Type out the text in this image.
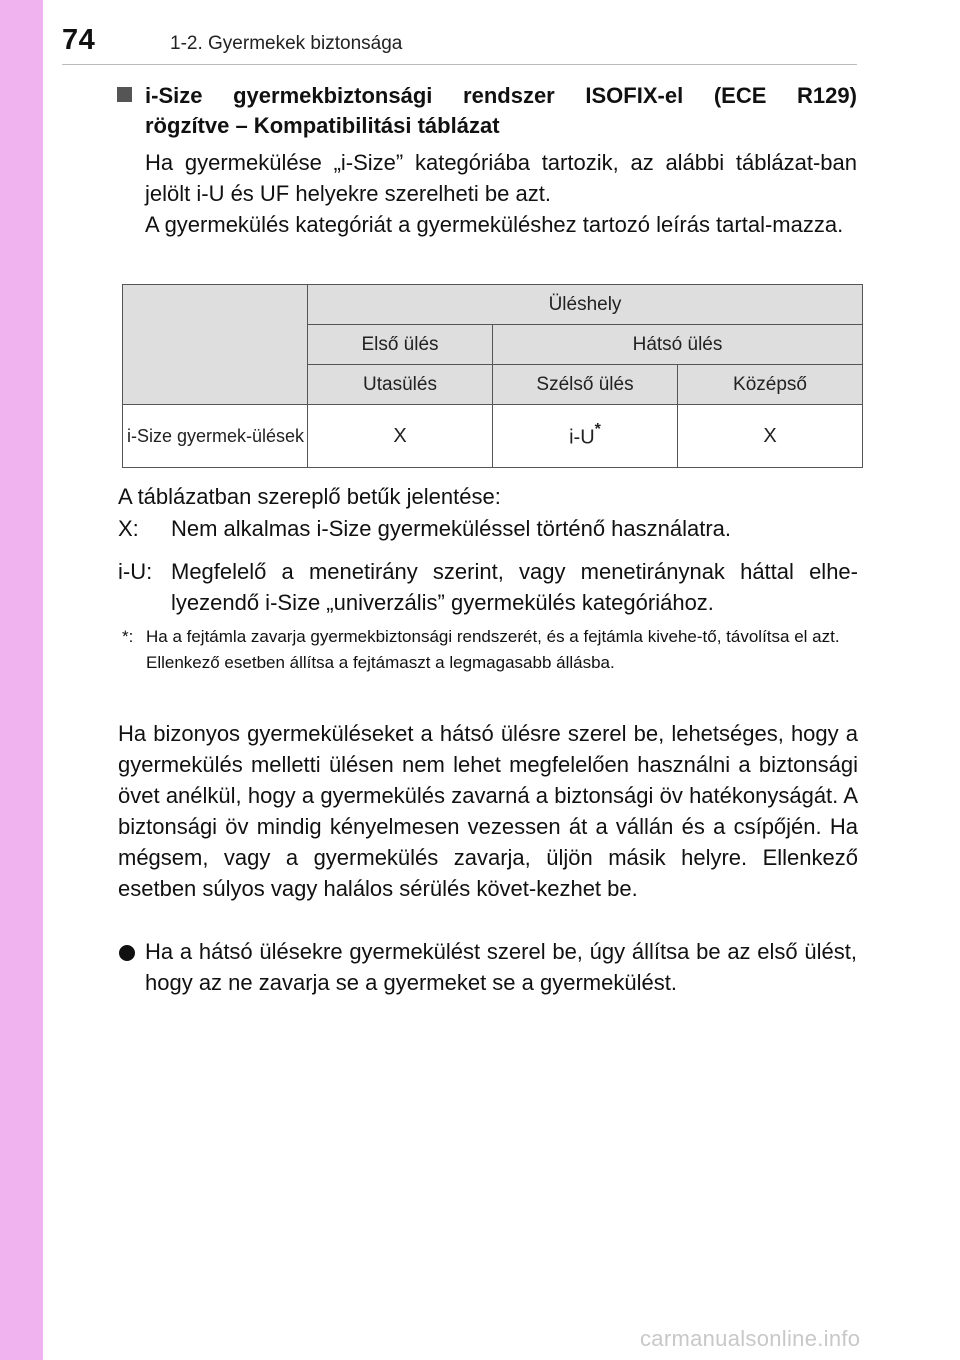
74	1-2. Gyermekek biztonsága
i-Size gyermekbiztonsági rendszer ISOFIX-el (ECE R129)
rögzítve – Kompatibilitási táblázat

Ha gyermekülése „i-Size” kategóriába tartozik, az alábbi táblázat-ban jelölt i-U és UF helyekre szerelheti be azt.

A gyermekülés kategóriát a gyermeküléshez tartozó leírás tartal-mazza.

	Üléshely		
	Első ülés	Hátsó ülés	
	Utasülés	Szélső ülés	Középső
i-Size gyermek-ülések	X	i-U*	X
A táblázatban szereplő betűk jelentése:
X: Nem alkalmas i-Size gyermeküléssel történő használatra.
i-U: Megfelelő a menetirány szerint, vagy menetiránynak háttal elhe-lyezendő i-Size „univerzális” gyermekülés kategóriához.
*: Ha a fejtámla zavarja gyermekbiztonsági rendszerét, és a fejtámla kivehe-tő, távolítsa el azt.

Ellenkező esetben állítsa a fejtámaszt a legmagasabb állásba.

Ha bizonyos gyermeküléseket a hátsó ülésre szerel be, lehetséges, hogy a gyermekülés melletti ülésen nem lehet megfelelően használni a biztonsági övet anélkül, hogy a gyermekülés zavarná a biztonsági öv hatékonyságát. A biztonsági öv mindig kényelmesen vezessen át a vállán és a csípőjén. Ha mégsem, vagy a gyermekülés zavarja, üljön másik helyre. Ellenkező esetben súlyos vagy halálos sérülés követ-kezhet be.
Ha a hátsó ülésekre gyermekülést szerel be, úgy állítsa be az első ülést, hogy az ne zavarja se a gyermeket se a gyermekülést.
carmanualsonline.info
